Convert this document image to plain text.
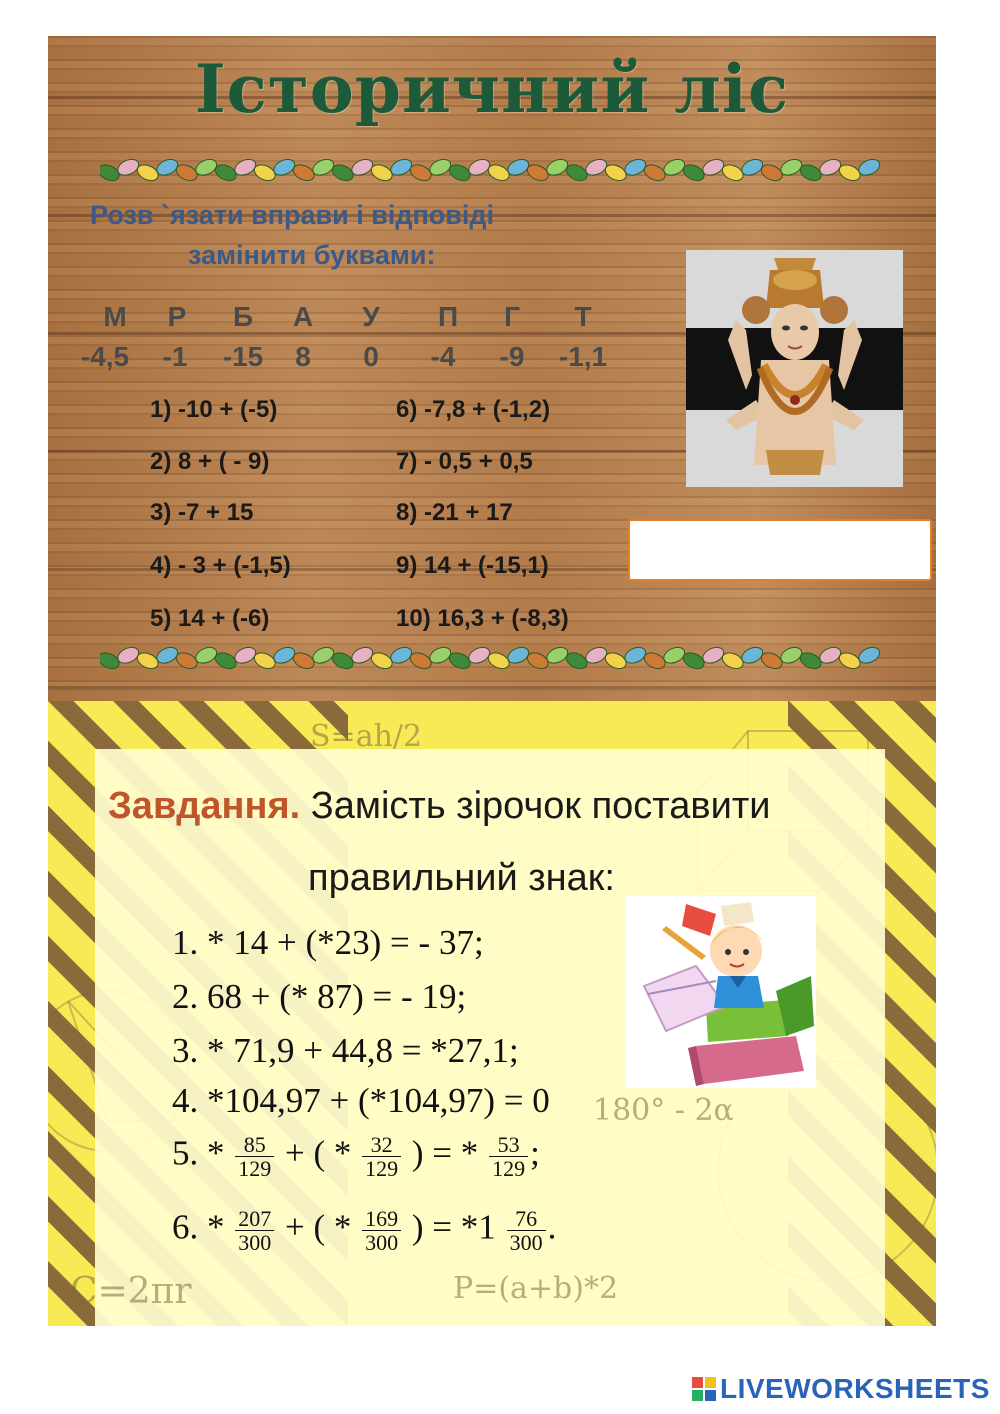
Історичний ліс
Розв `язати вправи і відповіді
замінити буквами:
М	Р	Б	А	У	П	Г	Т
-4,5	-1	-15	8	0	-4	-9	-1,1
1) -10 + (-5)
2) 8 + ( - 9)
3) -7 + 15
4) - 3 + (-1,5)
5) 14 + (-6)
6) -7,8 + (-1,2)
7) - 0,5 + 0,5
8) -21 + 17
9) 14 + (-15,1)
10) 16,3 + (-8,3)
S=ah/2
C=2πr	P=(a+b)*2
180° - 2α
Завдання. Замість зірочок поставити
правильний знак:
1. * 14 + (*23) = - 37;
2. 68 + (* 87) = - 19;
3. * 71,9 + 44,8 = *27,1;
4. *104,97 + (*104,97) = 0
5. * $\frac{85}{129}$ + ( * $\frac{32}{129}$ ) = * $\frac{53}{129}$ ;
6. * $\frac{207}{300}$ + ( * $\frac{169}{300}$ ) = $*1 \frac{76}{300}$ .
LIVEWORKSHEETS
